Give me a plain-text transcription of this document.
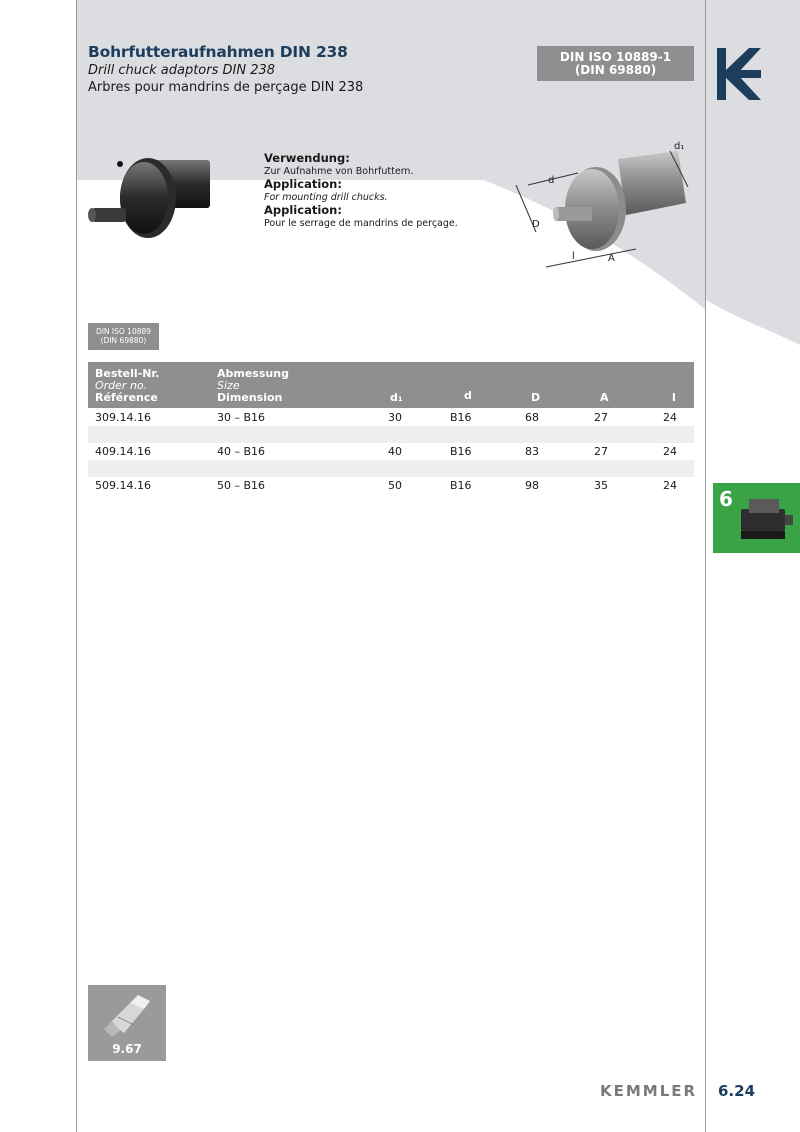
Bohrfutteraufnahmen DIN 238
Drill chuck adaptors DIN 238
Arbres pour mandrins de perçage DIN 238
DIN ISO 10889-1
(DIN 69880)
Verwendung:
Zur Aufnahme von Bohrfuttern.
Application:
For mounting drill chucks.
Application:
Pour le serrage de mandrins de perçage.
d₁
d
D
l	A
DIN ISO 10889
(DIN 69880)
Bestell-Nr.
Order no.
Référence
Abmessung
Size
Dimension	d₁	d	D	A	l
309.14.16	30 – B16	30	B16	68	27	24
409.14.16	40 – B16	40	B16	83	27	24
509.14.16	50 – B16	50	B16	98	35	24
6
9.67
KEMMLER 6.24
